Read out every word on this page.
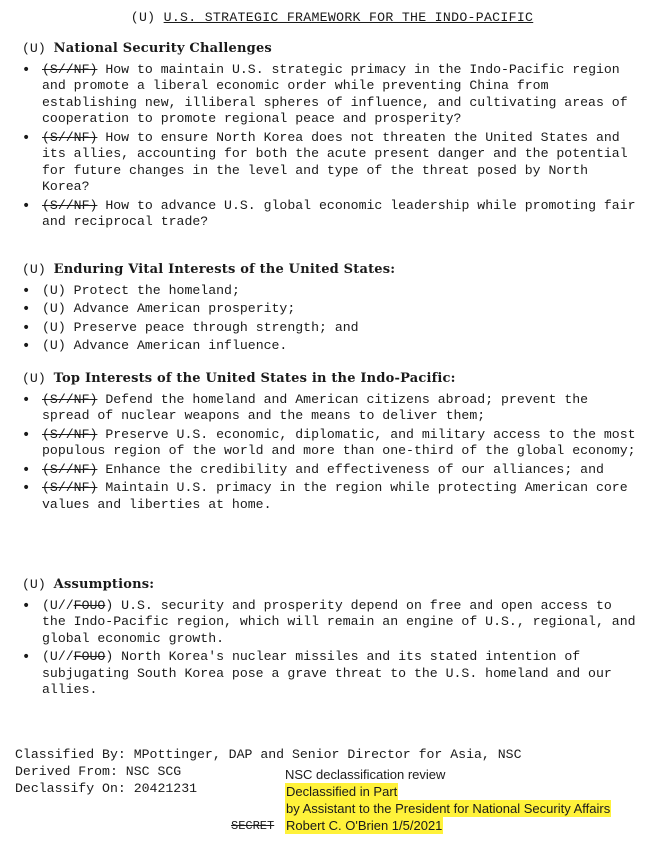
(U) U.S. STRATEGIC FRAMEWORK FOR THE INDO-PACIFIC
(U) National Security Challenges
• (S//NF) How to maintain U.S. strategic primacy in the Indo-Pacific region and promote a liberal economic order while preventing China from establishing new, illiberal spheres of influence, and cultivating areas of cooperation to promote regional peace and prosperity?
• (S//NF) How to ensure North Korea does not threaten the United States and its allies, accounting for both the acute present danger and the potential for future changes in the level and type of the threat posed by North Korea?
• (S//NF) How to advance U.S. global economic leadership while promoting fair and reciprocal trade?
(U) Enduring Vital Interests of the United States:
• (U) Protect the homeland;
• (U) Advance American prosperity;
• (U) Preserve peace through strength; and
• (U) Advance American influence.
(U) Top Interests of the United States in the Indo-Pacific:
• (S//NF) Defend the homeland and American citizens abroad; prevent the spread of nuclear weapons and the means to deliver them;
• (S//NF) Preserve U.S. economic, diplomatic, and military access to the most populous region of the world and more than one-third of the global economy;
• (S//NF) Enhance the credibility and effectiveness of our alliances; and
• (S//NF) Maintain U.S. primacy in the region while protecting American core values and liberties at home.
(U) Assumptions:
• (U//FOUO) U.S. security and prosperity depend on free and open access to the Indo-Pacific region, which will remain an engine of U.S., regional, and global economic growth.
• (U//FOUO) North Korea's nuclear missiles and its stated intention of subjugating South Korea pose a grave threat to the U.S. homeland and our allies.
Classified By: MPottinger, DAP and Senior Director for Asia, NSC
Derived From: NSC SCG
Declassify On: 20421231
SECRET
NSC declassification review
Declassified in Part
by Assistant to the President for National Security Affairs
Robert C. O'Brien 1/5/2021
